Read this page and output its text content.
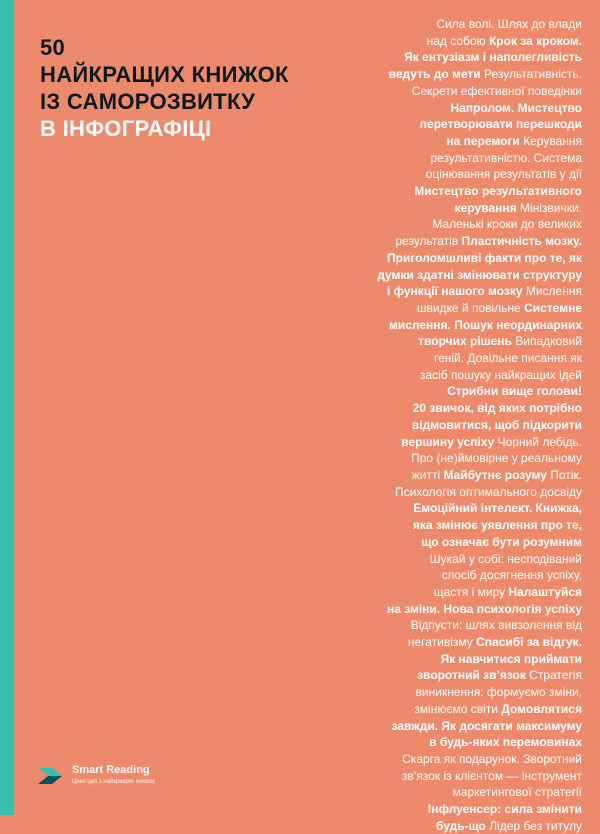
50
НАЙКРАЩИХ КНИЖОК
ІЗ САМОРОЗВИТКУ
В ІНФОГРАФІЦІ
Сила волі. Шлях до влади
над собою Крок за кроком.
Як ентузіазм і наполегливість
ведуть до мети Результативність.
Секрети ефективної поведінки
Напролом. Мистецтво
перетворювати перешкоди
на перемоги Керування
результативністю. Система
оцінювання результатів у дії
Мистецтво результативного
керування Мінізвички.
Маленькі кроки до великих
результатів Пластичність мозку.
Приголомшливі факти про те, як
думки здатні змінювати структуру
і функції нашого мозку Мислення
швидке й повільне Системне
мислення. Пошук неординарних
творчих рішень Випадковий
геній. Довільне писання як
засіб пошуку найкращих ідей
Стрибни вище голови!
20 звичок, від яких потрібно
відмовитися, щоб підкорити
вершину успіху Чорний лебідь.
Про (не)ймовірне у реальному
житті Майбутнє розуму Потік.
Психологія оптимального досвіду
Емоційний інтелект. Книжка,
яка змінює уявлення про те,
що означає бути розумним
Шукай у собі: несподіваний
спосіб досягнення успіху,
щастя і миру Налаштуйся
на зміни. Нова психологія успіху
Відпусти: шлях вивзолення від
негативізму Спасибі за відгук.
Як навчитися приймати
зворотний зв’язок Стратегія
виникнення: формуємо зміни,
змінюємо світи Домовлятися
завжди. Як досягати максимуму
в будь-яких перемовинах
Скарга як подарунок. Зворотний
зв’язок із клієнтом — інструмент
маркетингової стратегії
Інфлуенсер: сила змінити
будь-що Лідер без титулу
Smart Reading
Цінні ідеї з найкращих книжок
